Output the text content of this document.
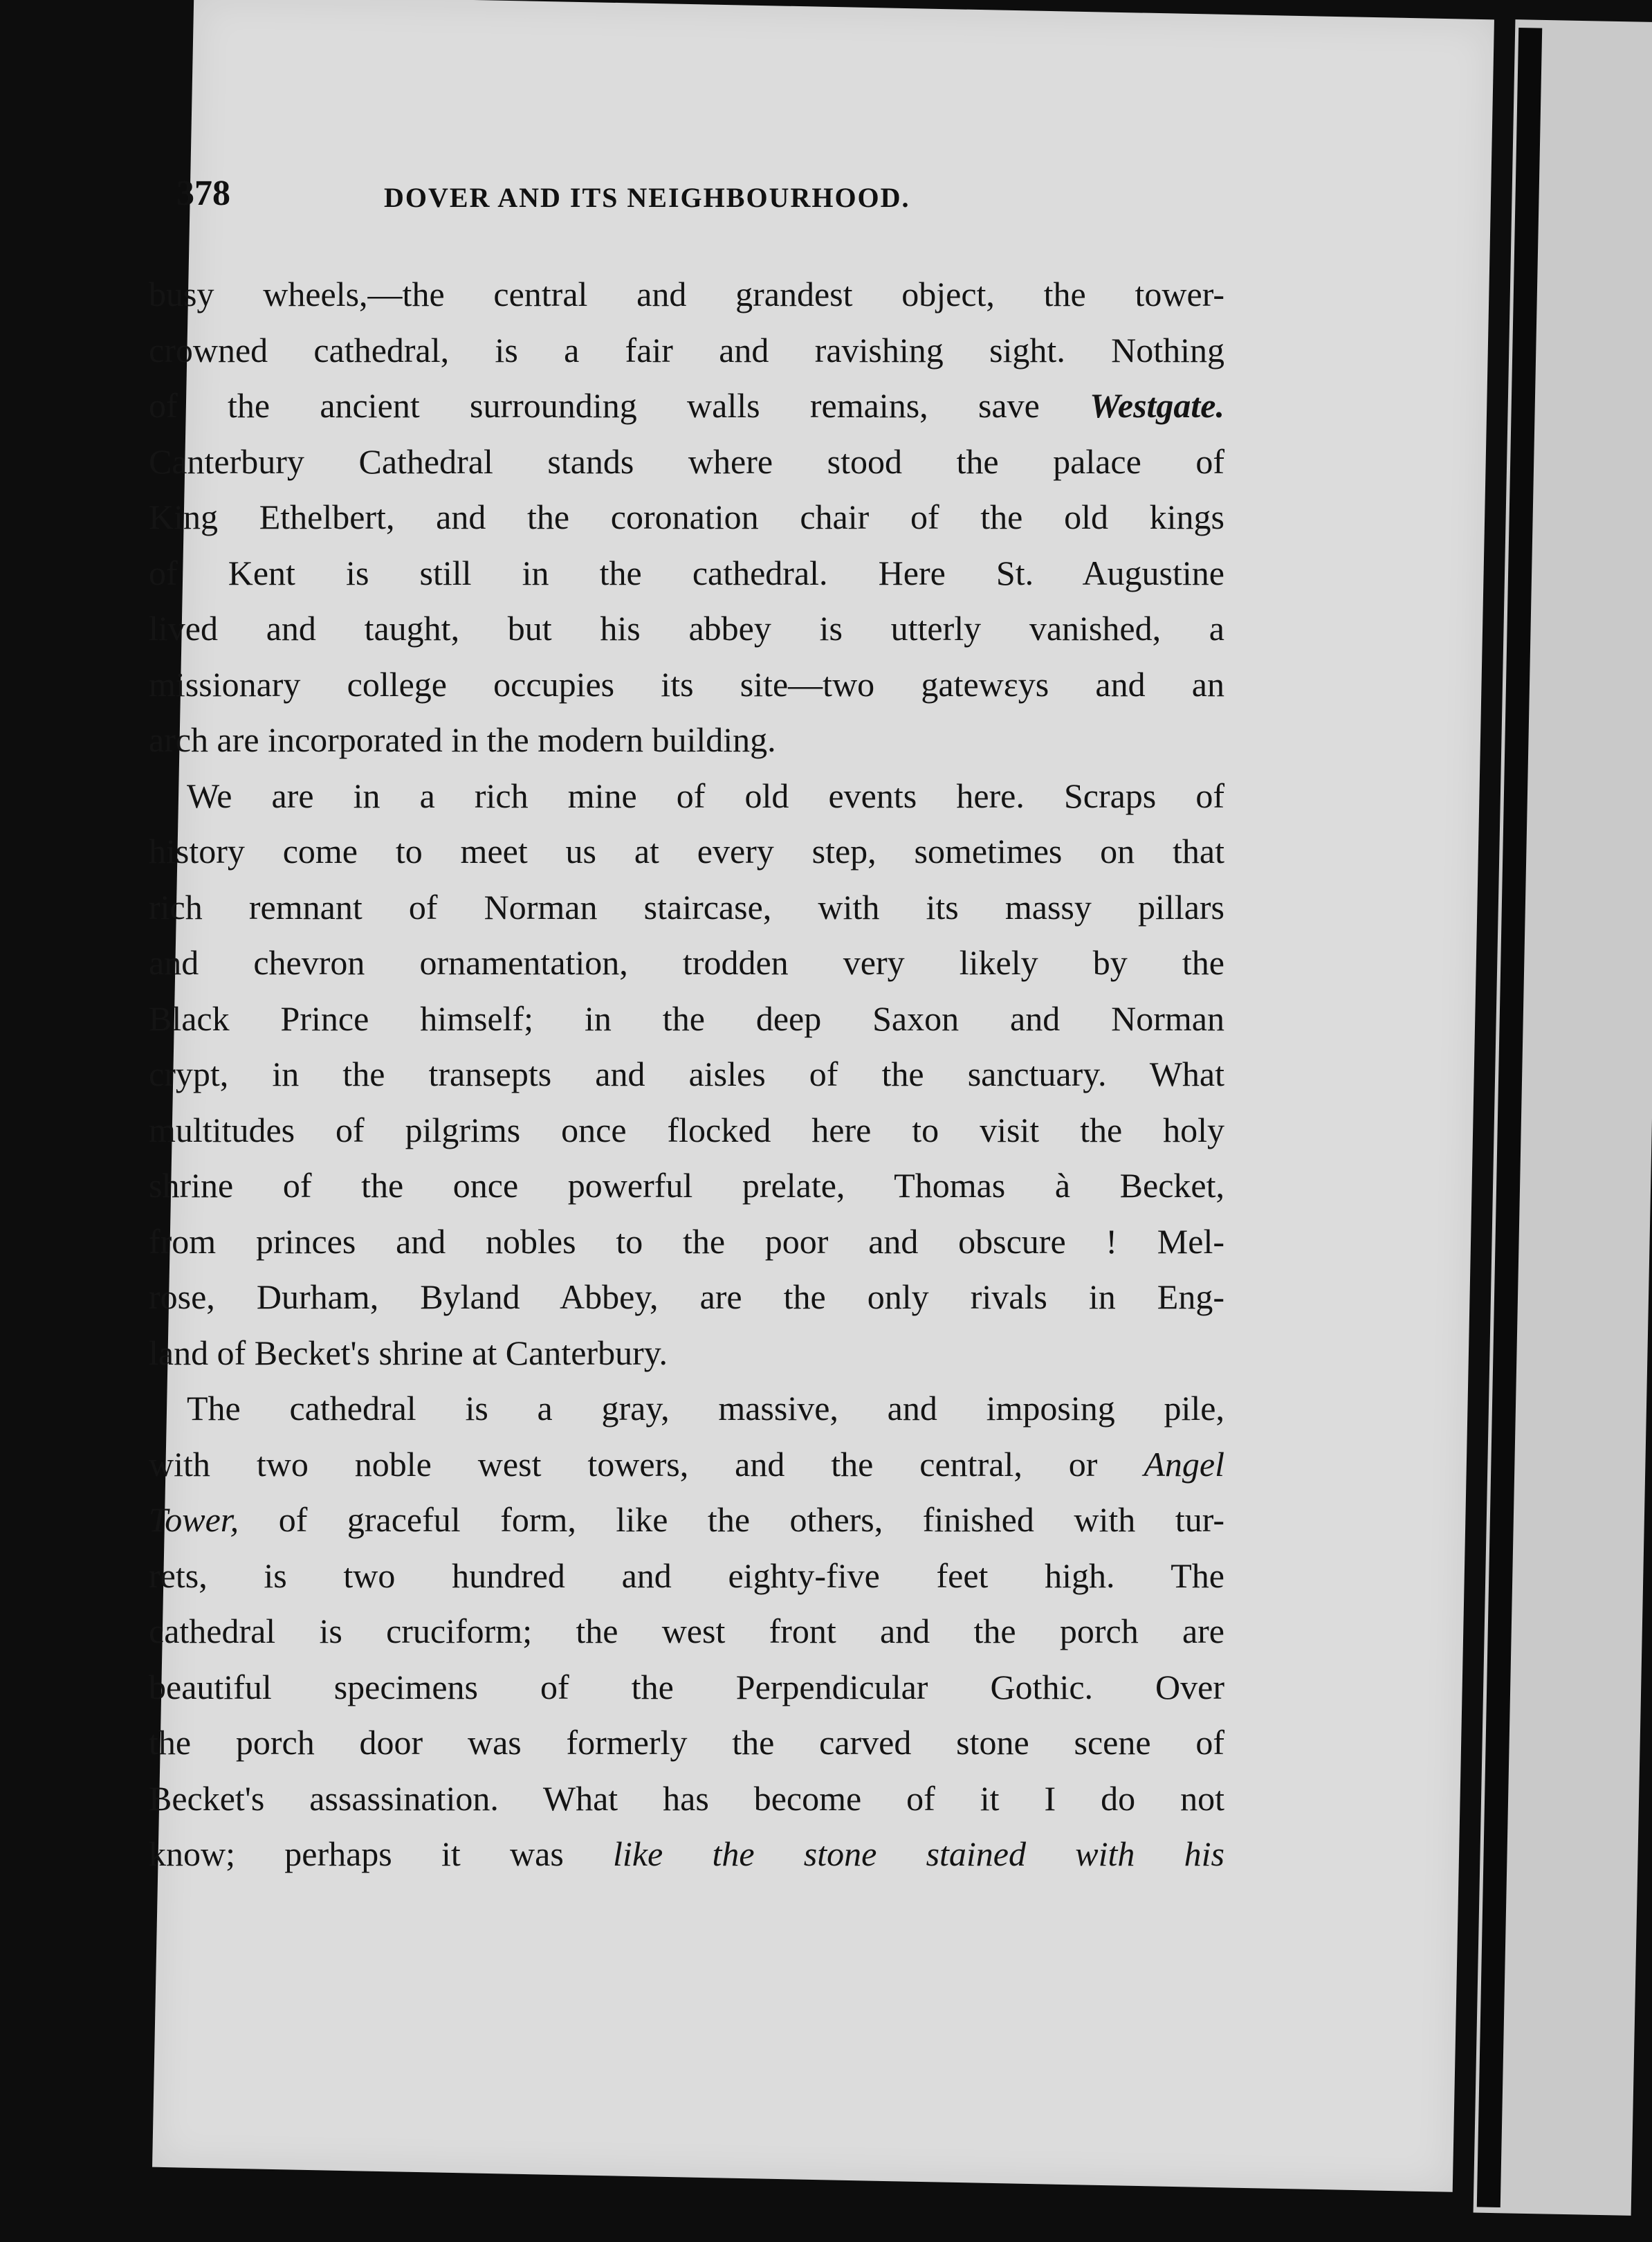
378	DOVER AND ITS NEIGHBOURHOOD.

busy wheels,—the central and grandest object, the tower-
crowned cathedral, is a fair and ravishing sight. Nothing
of the ancient surrounding walls remains, save Westgate.
Canterbury Cathedral stands where stood the palace of
King Ethelbert, and the coronation chair of the old kings
of Kent is still in the cathedral. Here St. Augustine
lived and taught, but his abbey is utterly vanished, a
missionary college occupies its site—two gatewɛys and an
arch are incorporated in the modern building.

We are in a rich mine of old events here. Scraps of
history come to meet us at every step, sometimes on that
rich remnant of Norman staircase, with its massy pillars
and chevron ornamentation, trodden very likely by the
Black Prince himself; in the deep Saxon and Norman
crypt, in the transepts and aisles of the sanctuary. What
multitudes of pilgrims once flocked here to visit the holy
shrine of the once powerful prelate, Thomas à Becket,
from princes and nobles to the poor and obscure ! Mel-
rose, Durham, Byland Abbey, are the only rivals in Eng-
land of Becket's shrine at Canterbury.

The cathedral is a gray, massive, and imposing pile,
with two noble west towers, and the central, or Angel
Tower, of graceful form, like the others, finished with tur-
rets, is two hundred and eighty-five feet high. The
cathedral is cruciform; the west front and the porch are
beautiful specimens of the Perpendicular Gothic. Over
the porch door was formerly the carved stone scene of
Becket's assassination. What has become of it I do not
know; perhaps it was like the stone stained with his
